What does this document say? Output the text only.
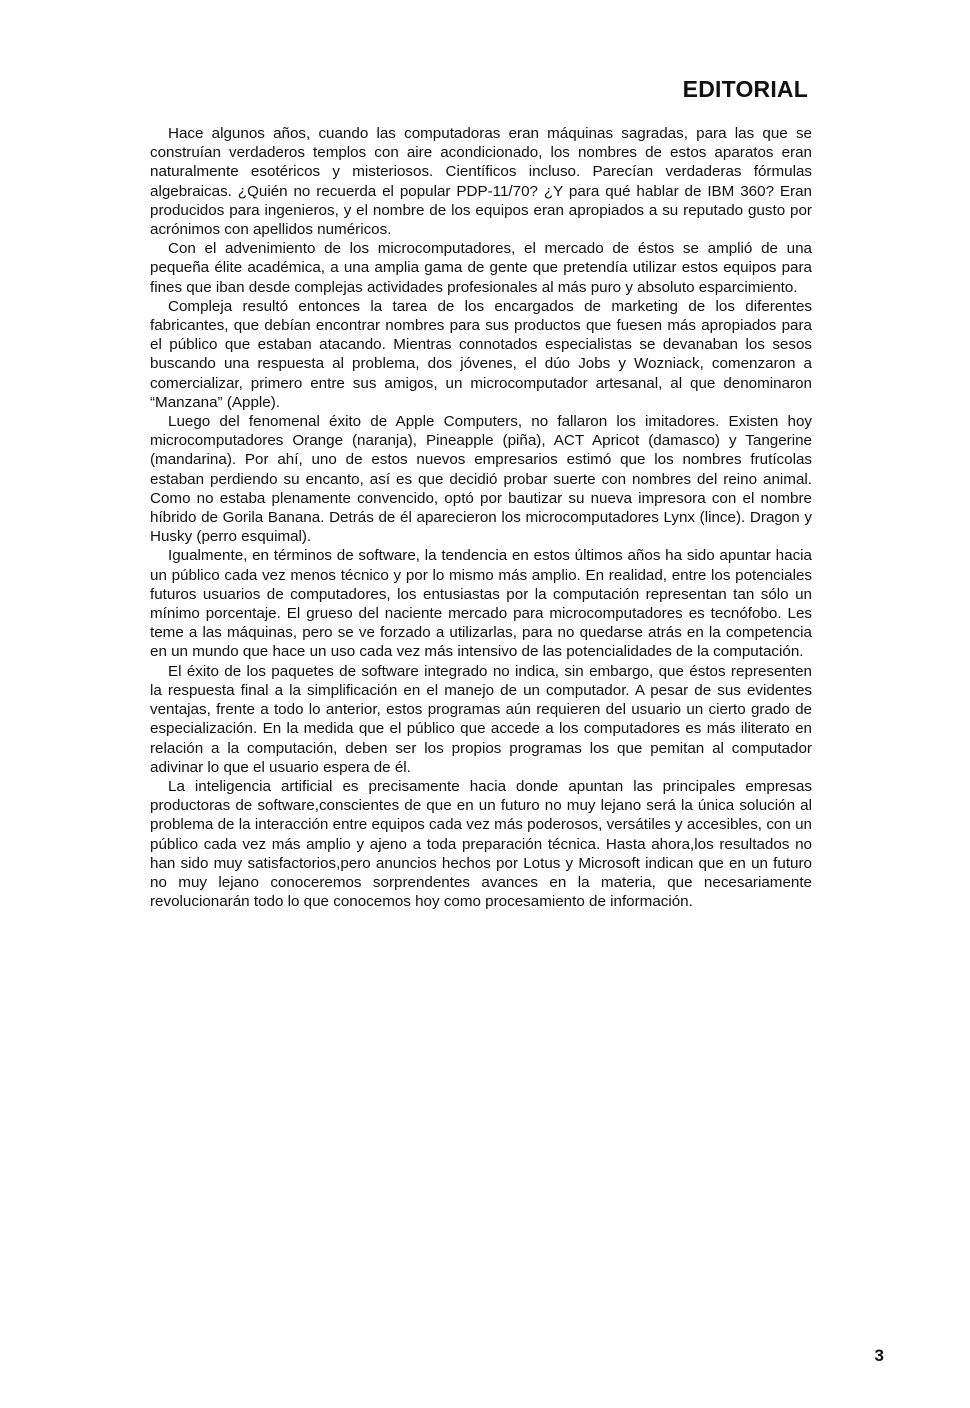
EDITORIAL

Hace algunos años, cuando las computadoras eran máquinas sagradas, para las que se construían verdaderos templos con aire acondicionado, los nombres de estos aparatos eran naturalmente esotéricos y misteriosos. Científicos incluso. Parecían verdaderas fórmulas algebraicas. ¿Quién no recuerda el popular PDP-11/70? ¿Y para qué hablar de IBM 360? Eran producidos para ingenieros, y el nombre de los equipos eran apropiados a su reputado gusto por acrónimos con apellidos numéricos.

Con el advenimiento de los microcomputadores, el mercado de éstos se amplió de una pequeña élite académica, a una amplia gama de gente que pretendía utilizar estos equipos para fines que iban desde complejas actividades profesionales al más puro y absoluto esparcimiento.

Compleja resultó entonces la tarea de los encargados de marketing de los diferentes fabricantes, que debían encontrar nombres para sus productos que fuesen más apropiados para el público que estaban atacando. Mientras connotados especialistas se devanaban los sesos buscando una respuesta al problema, dos jóvenes, el dúo Jobs y Wozniack, comenzaron a comercializar, primero entre sus amigos, un microcomputador artesanal, al que denominaron “Manzana” (Apple).

Luego del fenomenal éxito de Apple Computers, no fallaron los imitadores. Existen hoy microcomputadores Orange (naranja), Pineapple (piña), ACT Apricot (damasco) y Tangerine (mandarina). Por ahí, uno de estos nuevos empresarios estimó que los nombres frutícolas estaban perdiendo su encanto, así es que decidió probar suerte con nombres del reino animal. Como no estaba plenamente convencido, optó por bautizar su nueva impresora con el nombre híbrido de Gorila Banana. Detrás de él aparecieron los microcomputadores Lynx (lince). Dragon y Husky (perro esquimal).

Igualmente, en términos de software, la tendencia en estos últimos años ha sido apuntar hacia un público cada vez menos técnico y por lo mismo más amplio. En realidad, entre los potenciales futuros usuarios de computadores, los entusiastas por la computación representan tan sólo un mínimo porcentaje. El grueso del naciente mercado para microcomputadores es tecnófobo. Les teme a las máquinas, pero se ve forzado a utilizarlas, para no quedarse atrás en la competencia en un mundo que hace un uso cada vez más intensivo de las potencialidades de la computación.

El éxito de los paquetes de software integrado no indica, sin embargo, que éstos representen la respuesta final a la simplificación en el manejo de un computador. A pesar de sus evidentes ventajas, frente a todo lo anterior, estos programas aún requieren del usuario un cierto grado de especialización. En la medida que el público que accede a los computadores es más iliterato en relación a la computación, deben ser los propios programas los que pemitan al computador adivinar lo que el usuario espera de él.

La inteligencia artificial es precisamente hacia donde apuntan las principales empresas productoras de software,conscientes de que en un futuro no muy lejano será la única solución al problema de la interacción entre equipos cada vez más poderosos, versátiles y accesibles, con un público cada vez más amplio y ajeno a toda preparación técnica. Hasta ahora,los resultados no han sido muy satisfactorios,pero anuncios hechos por Lotus y Microsoft indican que en un futuro no muy lejano conoceremos sorprendentes avances en la materia, que necesariamente revolucionarán todo lo que conocemos hoy como procesamiento de información.

3
